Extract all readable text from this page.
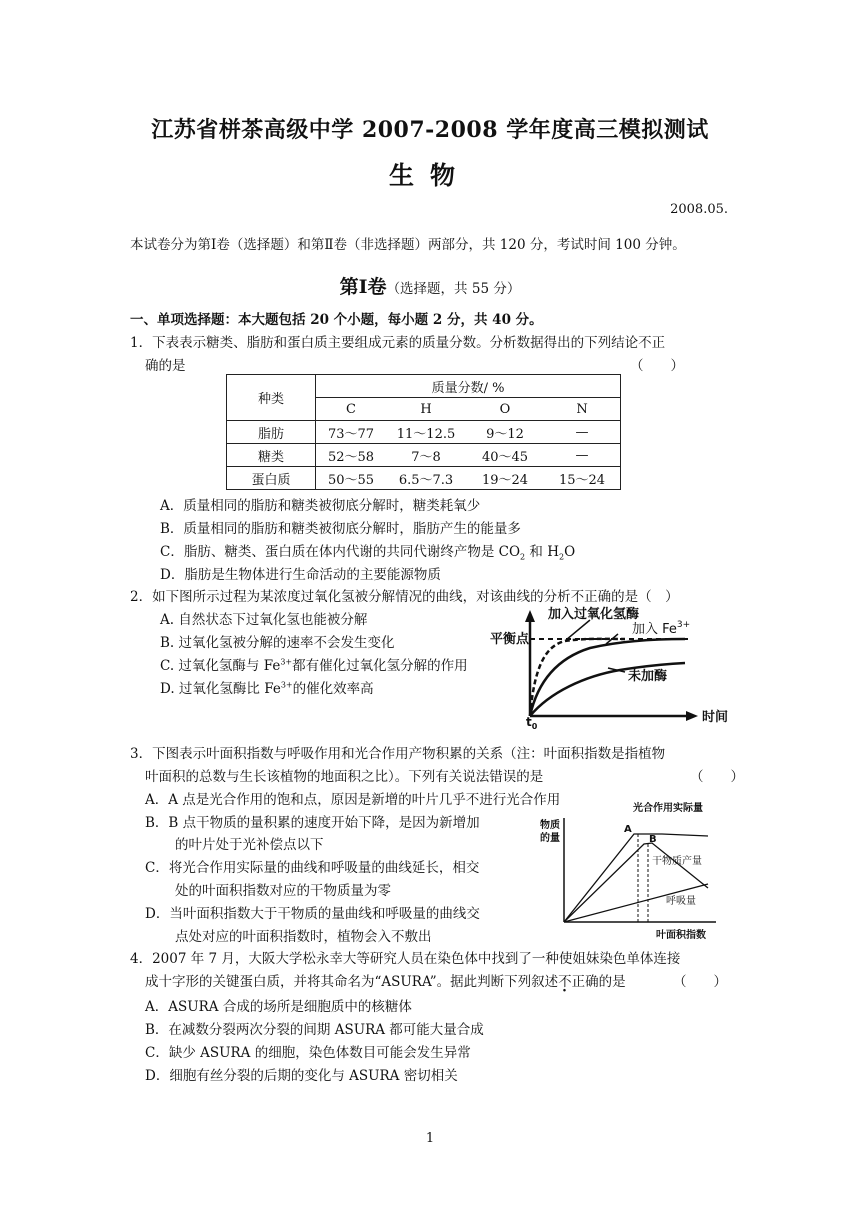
江苏省栟茶高级中学 2007-2008 学年度高三模拟测试
生物
2008.05.
本试卷分为第Ⅰ卷（选择题）和第Ⅱ卷（非选择题）两部分，共 120 分，考试时间 100 分钟。
第Ⅰ卷（选择题，共 55 分）
一、单项选择题：本大题包括 20 个小题，每小题 2 分，共 40 分。
1．下表表示糖类、脂肪和蛋白质主要组成元素的质量分数。分析数据得出的下列结论不正
确的是	（　　）
种类	质量分数/ %			
	C	H	O	N
脂肪	73～77	11～12.5	9～12	—
糖类	52～58	7～8	40～45	—
蛋白质	50～55	6.5～7.3	19～24	15～24
A．质量相同的脂肪和糖类被彻底分解时，糖类耗氧少
B．质量相同的脂肪和糖类被彻底分解时，脂肪产生的能量多
C．脂肪、糖类、蛋白质在体内代谢的共同代谢终产物是 $CO_2$ 和 $H_2O$
D．脂肪是生物体进行生命活动的主要能源物质
2．如下图所示过程为某浓度过氧化氢被分解情况的曲线，对该曲线的分析不正确的是（　）
A. 自然状态下过氧化氢也能被分解
B. 过氧化氢被分解的速率不会发生变化
C. 过氧化氢酶与 $Fe^{3+}$都有催化过氧化氢分解的作用
D. 过氧化氢酶比 $Fe^{3+}$的催化效率高
加入过氧化氢酶
加入 $Fe^{3+}$
平衡点
未加酶
$t_0$
时间
3．下图表示叶面积指数与呼吸作用和光合作用产物积累的关系（注：叶面积指数是指植物
叶面积的总数与生长该植物的地面积之比）。下列有关说法错误的是	（　　）
A．A 点是光合作用的饱和点，原因是新增的叶片几乎不进行光合作用
B．B 点干物质的量积累的速度开始下降，是因为新增加
的叶片处于光补偿点以下
C．将光合作用实际量的曲线和呼吸量的曲线延长，相交
处的叶面积指数对应的干物质量为零
D．当叶面积指数大于干物质的量曲线和呼吸量的曲线交
点处对应的叶面积指数时，植物会入不敷出
光合作用实际量
物质
的量
A
B
干物质产量
呼吸量
叶面积指数
4．2007 年 7 月，大阪大学松永幸大等研究人员在染色体中找到了一种使姐妹染色单体连接
成十字形的关键蛋白质，并将其命名为“ASURA”。据此判断下列叙述不正确的是	（　　）
A．ASURA 合成的场所是细胞质中的核糖体
B．在减数分裂两次分裂的间期 ASURA 都可能大量合成
C．缺少 ASURA 的细胞，染色体数目可能会发生异常
D．细胞有丝分裂的后期的变化与 ASURA 密切相关
1
